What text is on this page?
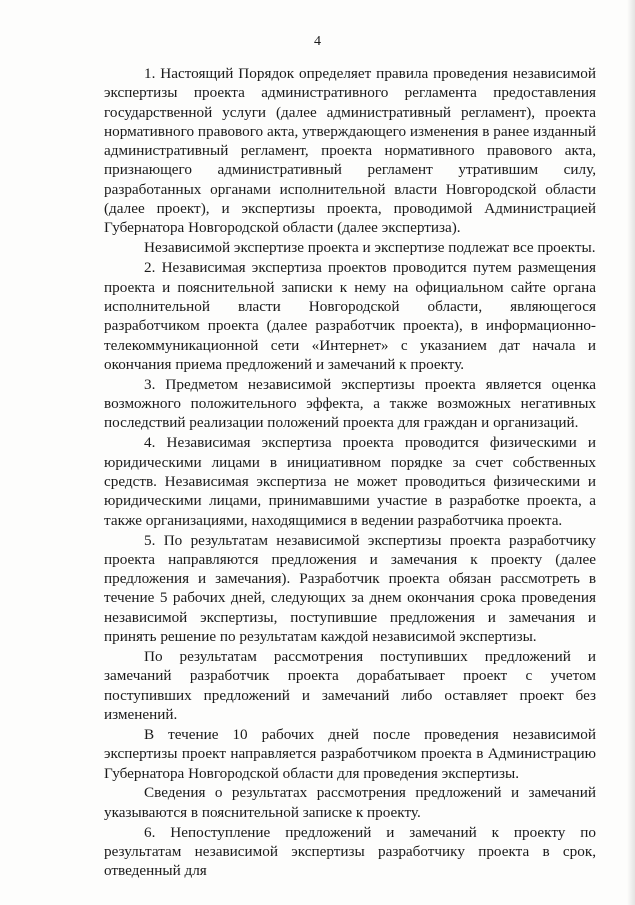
4

1. Настоящий Порядок определяет правила проведения независимой экспертизы проекта административного регламента предоставления государственной услуги (далее административный регламент), проекта нормативного правового акта, утверждающего изменения в ранее изданный административный регламент, проекта нормативного правового акта, признающего административный регламент утратившим силу, разработанных органами исполнительной власти Новгородской области (далее проект), и экспертизы проекта, проводимой Администрацией Губернатора Новгородской области (далее экспертиза).

Независимой экспертизе проекта и экспертизе подлежат все проекты.

2. Независимая экспертиза проектов проводится путем размещения проекта и пояснительной записки к нему на официальном сайте органа исполнительной власти Новгородской области, являющегося разработчиком проекта (далее разработчик проекта), в информационно-телекоммуникационной сети «Интернет» с указанием дат начала и окончания приема предложений и замечаний к проекту.

3. Предметом независимой экспертизы проекта является оценка возможного положительного эффекта, а также возможных негативных последствий реализации положений проекта для граждан и организаций.

4. Независимая экспертиза проекта проводится физическими и юридическими лицами в инициативном порядке за счет собственных средств. Независимая экспертиза не может проводиться физическими и юридическими лицами, принимавшими участие в разработке проекта, а также организациями, находящимися в ведении разработчика проекта.

5. По результатам независимой экспертизы проекта разработчику проекта направляются предложения и замечания к проекту (далее предложения и замечания). Разработчик проекта обязан рассмотреть в течение 5 рабочих дней, следующих за днем окончания срока проведения независимой экспертизы, поступившие предложения и замечания и принять решение по результатам каждой независимой экспертизы.

По результатам рассмотрения поступивших предложений и замечаний разработчик проекта дорабатывает проект с учетом поступивших предложений и замечаний либо оставляет проект без изменений.

В течение 10 рабочих дней после проведения независимой экспертизы проект направляется разработчиком проекта в Администрацию Губернатора Новгородской области для проведения экспертизы.

Сведения о результатах рассмотрения предложений и замечаний указываются в пояснительной записке к проекту.

6. Непоступление предложений и замечаний к проекту по результатам независимой экспертизы разработчику проекта в срок, отведенный для
